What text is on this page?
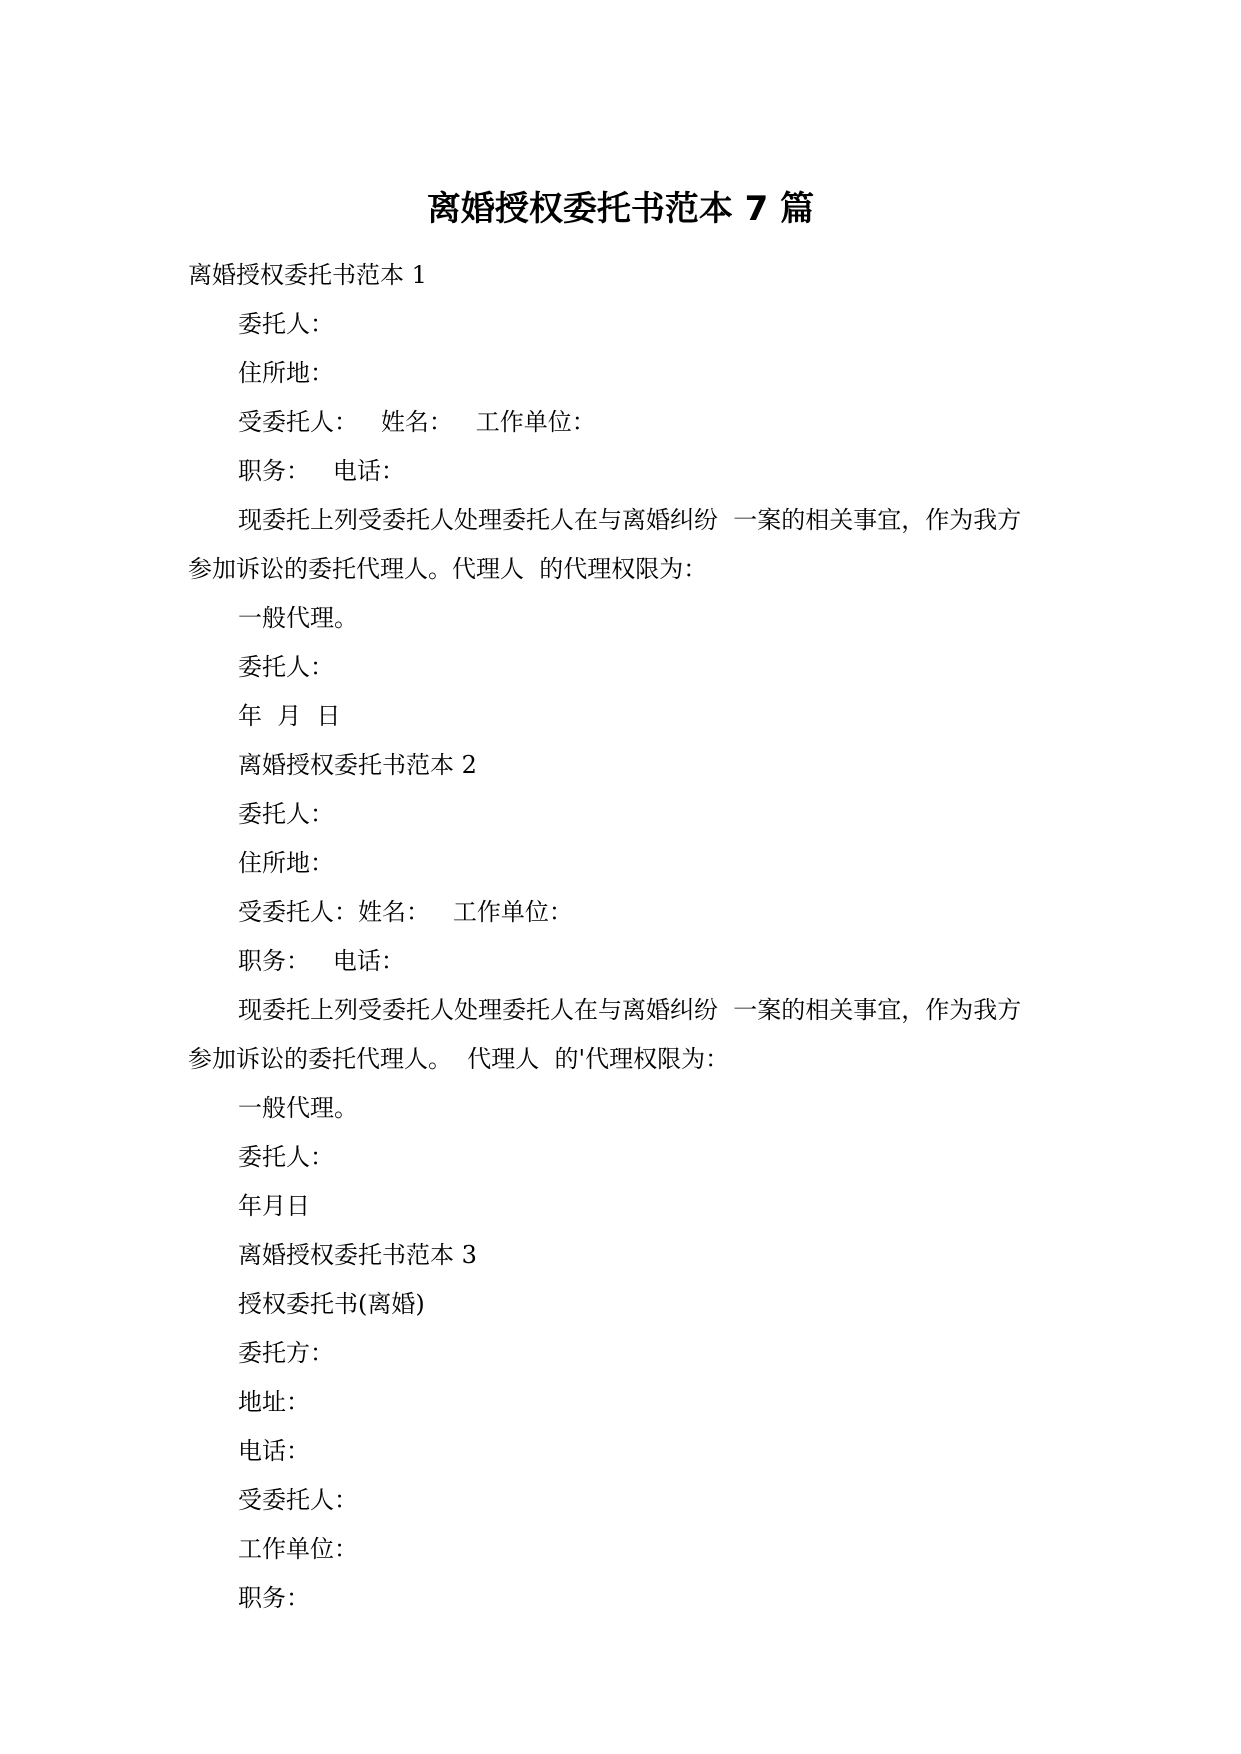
离婚授权委托书范本 7 篇
离婚授权委托书范本 1
委托人：
住所地：
受委托人：   姓名：   工作单位：
职务：   电话：
现委托上列受委托人处理委托人在与离婚纠纷  一案的相关事宜，作为我方
参加诉讼的委托代理人。代理人  的代理权限为：
一般代理。
委托人：
年  月  日
离婚授权委托书范本 2
委托人：
住所地：
受委托人：姓名：   工作单位：
职务：   电话：
现委托上列受委托人处理委托人在与离婚纠纷  一案的相关事宜，作为我方
参加诉讼的委托代理人。  代理人  的'代理权限为：
一般代理。
委托人：
年月日
离婚授权委托书范本 3
授权委托书(离婚)
委托方：
地址：
电话：
受委托人：
工作单位：
职务：
